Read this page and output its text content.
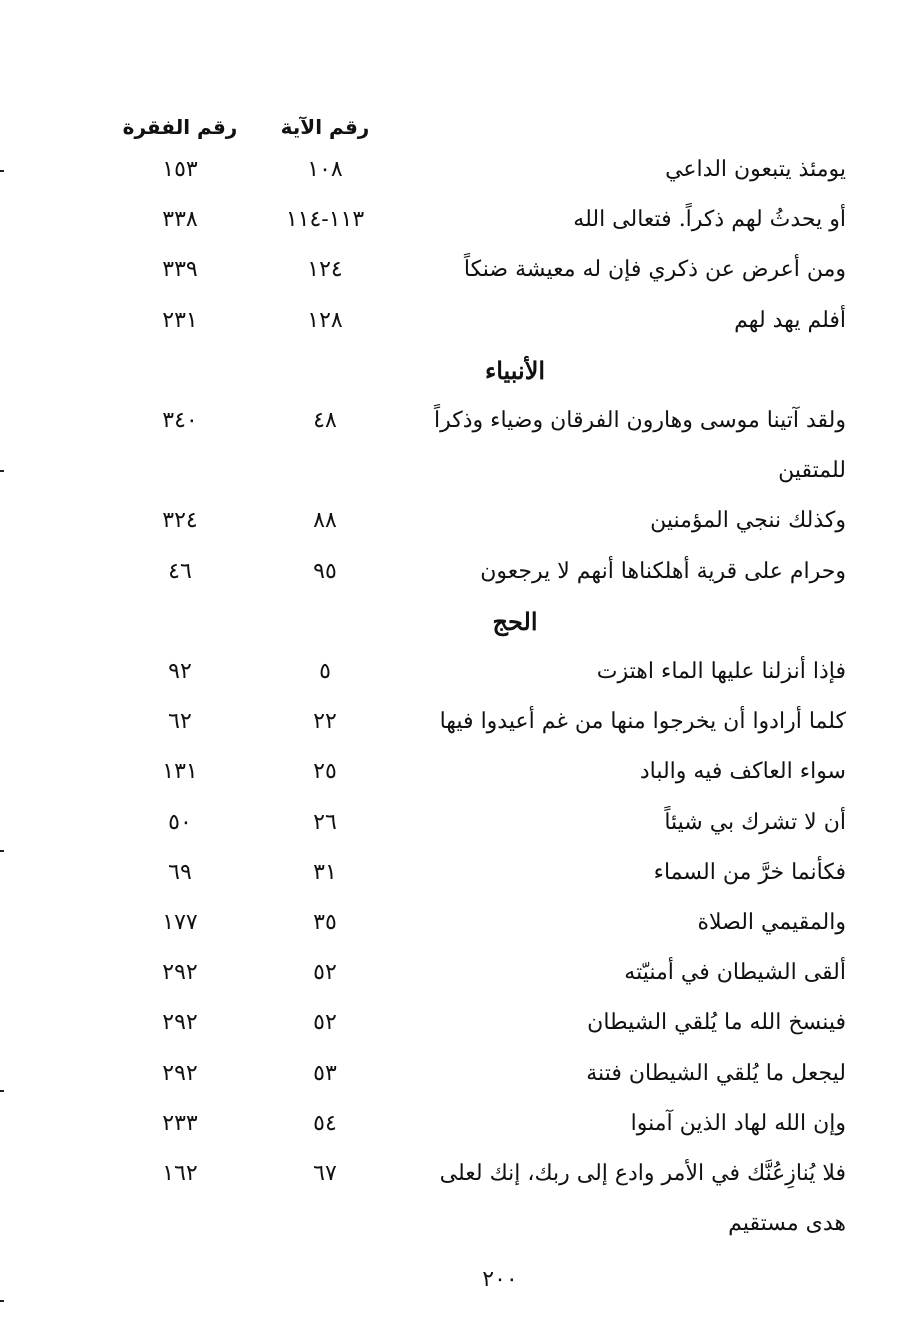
رقم الآية
رقم الفقرة
يومئذ يتبعون الداعي
١٠٨
١٥٣
أو يحدثُ لهم ذكراً. فتعالى الله
١١٣-١١٤
٣٣٨
ومن أعرض عن ذكري فإن له معيشة ضنكاً
١٢٤
٣٣٩
أفلم يهد لهم
١٢٨
٢٣١
الأنبياء
ولقد آتينا موسى وهارون الفرقان وضياء وذكراً
٤٨
٣٤٠
للمتقين
وكذلك ننجي المؤمنين
٨٨
٣٢٤
وحرام على قرية أهلكناها أنهم لا يرجعون
٩٥
٤٦
الحج
فإذا أنزلنا عليها الماء اهتزت
٥
٩٢
كلما أرادوا أن يخرجوا منها من غم أعيدوا فيها
٢٢
٦٢
سواء العاكف فيه والباد
٢٥
١٣١
أن لا تشرك بي شيئاً
٢٦
٥٠
فكأنما خرَّ من السماء
٣١
٦٩
والمقيمي الصلاة
٣٥
١٧٧
ألقى الشيطان في أمنيّته
٥٢
٢٩٢
فينسخ الله ما يُلقي الشيطان
٥٢
٢٩٢
ليجعل ما يُلقي الشيطان فتنة
٥٣
٢٩٢
وإن الله لهاد الذين آمنوا
٥٤
٢٣٣
فلا يُنازِعُنَّك في الأمر وادع إلى ربك، إنك لعلى
٦٧
١٦٢
هدى مستقيم
٢٠٠
